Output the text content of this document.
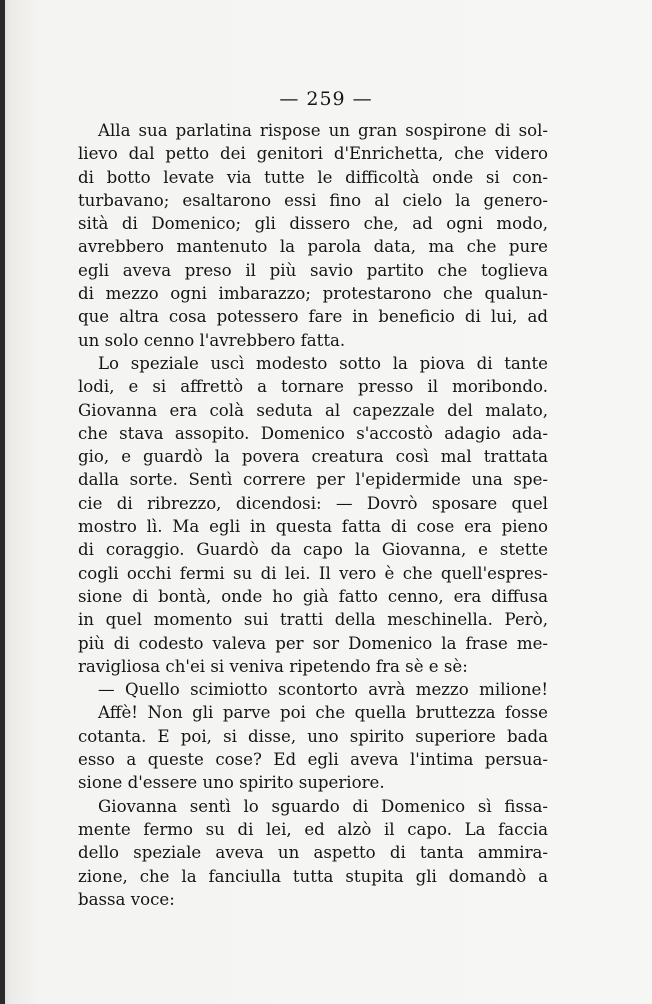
— 259 —
Alla sua parlatina rispose un gran sospirone di sol-
lievo dal petto dei genitori d'Enrichetta, che videro
di botto levate via tutte le difficoltà onde si con-
turbavano; esaltarono essi fino al cielo la genero-
sità di Domenico; gli dissero che, ad ogni modo,
avrebbero mantenuto la parola data, ma che pure
egli aveva preso il più savio partito che toglieva
di mezzo ogni imbarazzo; protestarono che qualun-
que altra cosa potessero fare in beneficio di lui, ad
un solo cenno l'avrebbero fatta.
Lo speziale uscì modesto sotto la piova di tante
lodi, e si affrettò a tornare presso il moribondo.
Giovanna era colà seduta al capezzale del malato,
che stava assopito. Domenico s'accostò adagio ada-
gio, e guardò la povera creatura così mal trattata
dalla sorte. Sentì correre per l'epidermide una spe-
cie di ribrezzo, dicendosi: — Dovrò sposare quel
mostro lì. Ma egli in questa fatta di cose era pieno
di coraggio. Guardò da capo la Giovanna, e stette
cogli occhi fermi su di lei. Il vero è che quell'espres-
sione di bontà, onde ho già fatto cenno, era diffusa
in quel momento sui tratti della meschinella. Però,
più di codesto valeva per sor Domenico la frase me-
ravigliosa ch'ei si veniva ripetendo fra sè e sè:
— Quello scimiotto scontorto avrà mezzo milione!
Affè! Non gli parve poi che quella bruttezza fosse
cotanta. E poi, si disse, uno spirito superiore bada
esso a queste cose? Ed egli aveva l'intima persua-
sione d'essere uno spirito superiore.
Giovanna sentì lo sguardo di Domenico sì fissa-
mente fermo su di lei, ed alzò il capo. La faccia
dello speziale aveva un aspetto di tanta ammira-
zione, che la fanciulla tutta stupita gli domandò a
bassa voce:
